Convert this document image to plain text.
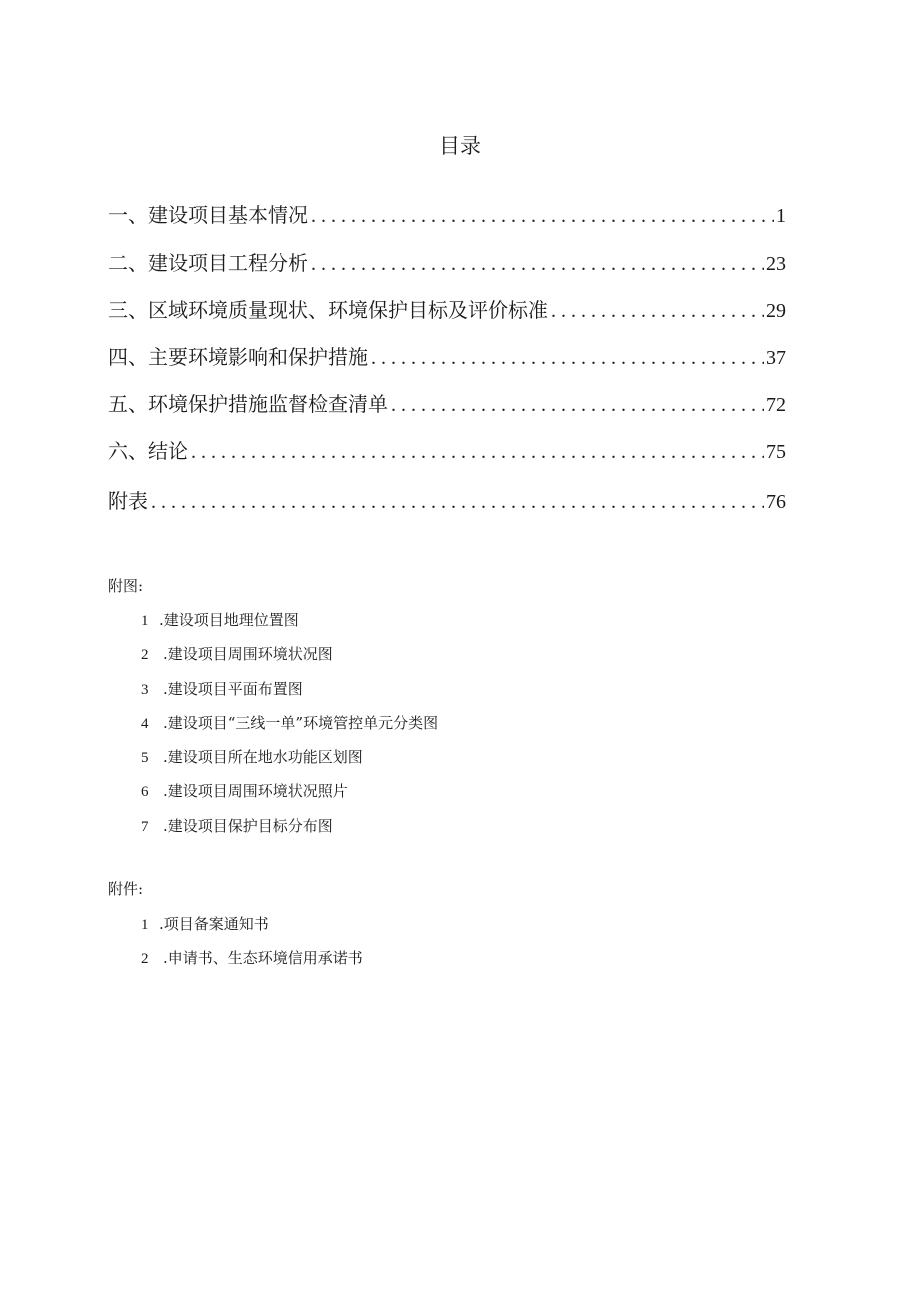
目录
一、建设项目基本情况 . . .	1
二、建设项目工程分析 . . .	23
三、区域环境质量现状、环境保护目标及评价标准 . . .	29
四、主要环境影响和保护措施 . . .	37
五、环境保护措施监督检查清单 . . .	72
六、结论 . . .	75
附表 . . .	76
附图:
1 .建设项目地理位置图
2 .建设项目周围环境状况图
3 .建设项目平面布置图
4 .建设项目“三线一单”环境管控单元分类图
5 .建设项目所在地水功能区划图
6 .建设项目周围环境状况照片
7 .建设项目保护目标分布图
附件:
1 .项目备案通知书
2 .申请书、生态环境信用承诺书
